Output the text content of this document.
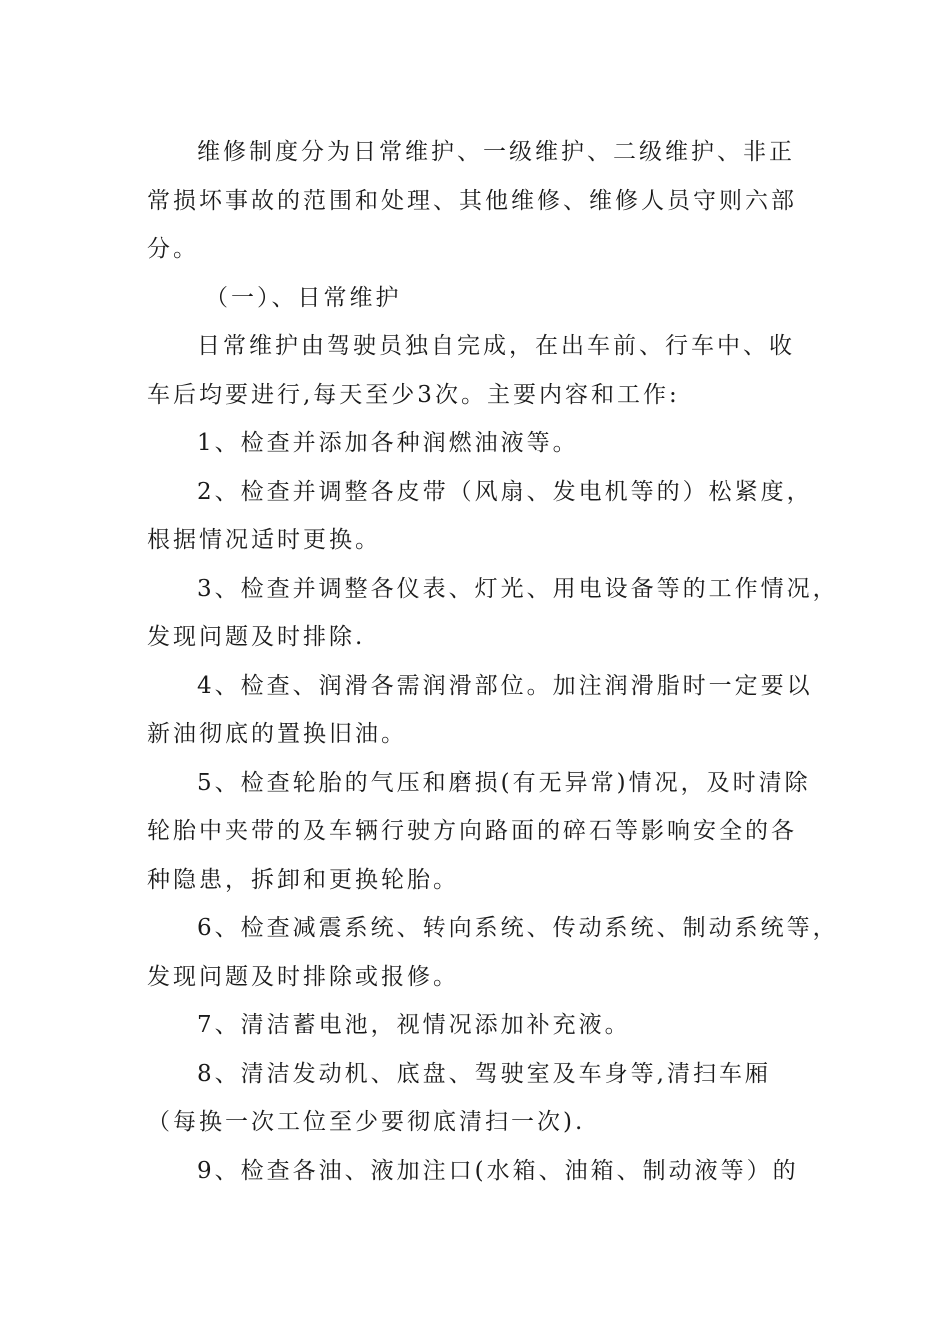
维修制度分为日常维护、一级维护、二级维护、非正
常损坏事故的范围和处理、其他维修、维修人员守则六部
分。

（一）、日常维护

日常维护由驾驶员独自完成，在出车前、行车中、收
车后均要进行,每天至少3次。主要内容和工作:

1、检查并添加各种润燃油液等。

2、检查并调整各皮带（风扇、发电机等的）松紧度，
根据情况适时更换。

3、检查并调整各仪表、灯光、用电设备等的工作情况，
发现问题及时排除.

4、检查、润滑各需润滑部位。加注润滑脂时一定要以
新油彻底的置换旧油。

5、检查轮胎的气压和磨损(有无异常)情况，及时清除
轮胎中夹带的及车辆行驶方向路面的碎石等影响安全的各
种隐患，拆卸和更换轮胎。

6、检查减震系统、转向系统、传动系统、制动系统等，
发现问题及时排除或报修。

7、清洁蓄电池，视情况添加补充液。

8、清洁发动机、底盘、驾驶室及车身等,清扫车厢
（每换一次工位至少要彻底清扫一次).

9、检查各油、液加注口(水箱、油箱、制动液等）的
